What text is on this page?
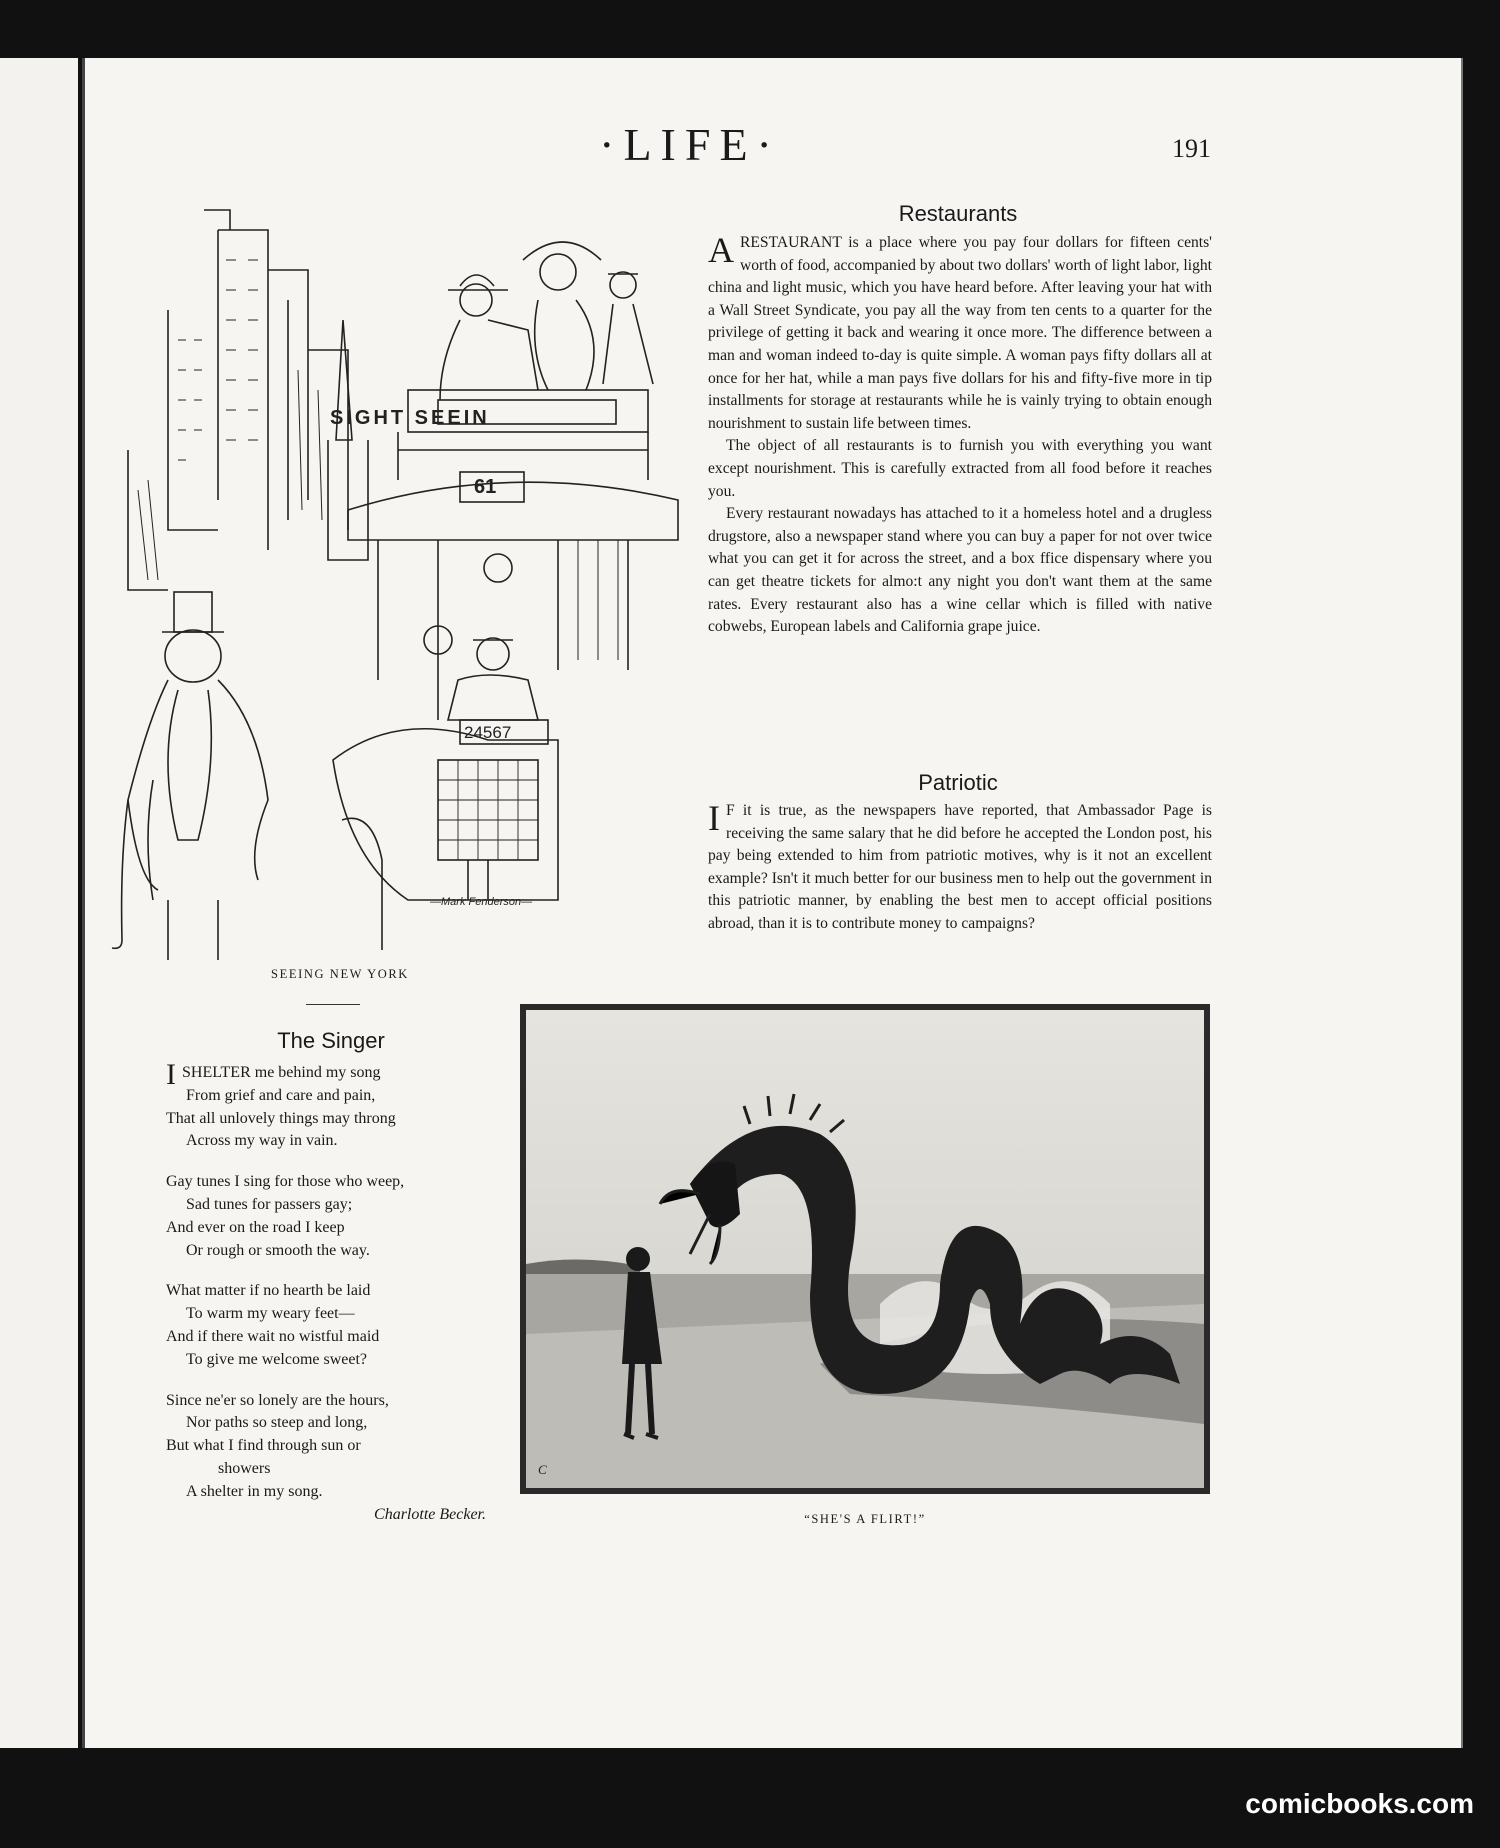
·LIFE·	191
SIGHT SEEIN
61
24567
—Mark Fenderson—
SEEING NEW YORK
Restaurants

ARESTAURANT is a place where you pay four dollars for fifteen cents' worth of food, accompanied by about two dollars' worth of light labor, light china and light music, which you have heard before. After leaving your hat with a Wall Street Syndicate, you pay all the way from ten cents to a quarter for the privilege of getting it back and wearing it once more. The difference between a man and woman indeed to-day is quite simple. A woman pays fifty dollars all at once for her hat, while a man pays five dollars for his and fifty-five more in tip installments for storage at restaurants while he is vainly trying to obtain enough nourishment to sustain life between times.

The object of all restaurants is to furnish you with everything you want except nourishment. This is carefully extracted from all food before it reaches you.

Every restaurant nowadays has attached to it a homeless hotel and a drugless drugstore, also a newspaper stand where you can buy a paper for not over twice what you can get it for across the street, and a box ffice dispensary where you can get theatre tickets for almo:t any night you don't want them at the same rates. Every restaurant also has a wine cellar which is filled with native cobwebs, European labels and California grape juice.

Patriotic

I F it is true, as the newspapers have reported, that Ambassador Page is receiving the same salary that he did before he accepted the London post, his pay being extended to him from patriotic motives, why is it not an excellent example? Isn't it much better for our business men to help out the government in this patriotic manner, by enabling the best men to accept official positions abroad, than it is to contribute money to campaigns?

The Singer
ISHELTER me behind my song
From grief and care and pain,
That all unlovely things may throng
Across my way in vain.
Gay tunes I sing for those who weep,
Sad tunes for passers gay;
And ever on the road I keep
Or rough or smooth the way.
What matter if no hearth be laid
To warm my weary feet—
And if there wait no wistful maid
To give me welcome sweet?
Since ne'er so lonely are the hours,
Nor paths so steep and long,
But what I find through sun or
showers
A shelter in my song.
Charlotte Becker.
C
“SHE'S A FLIRT!”
comicbooks.com
